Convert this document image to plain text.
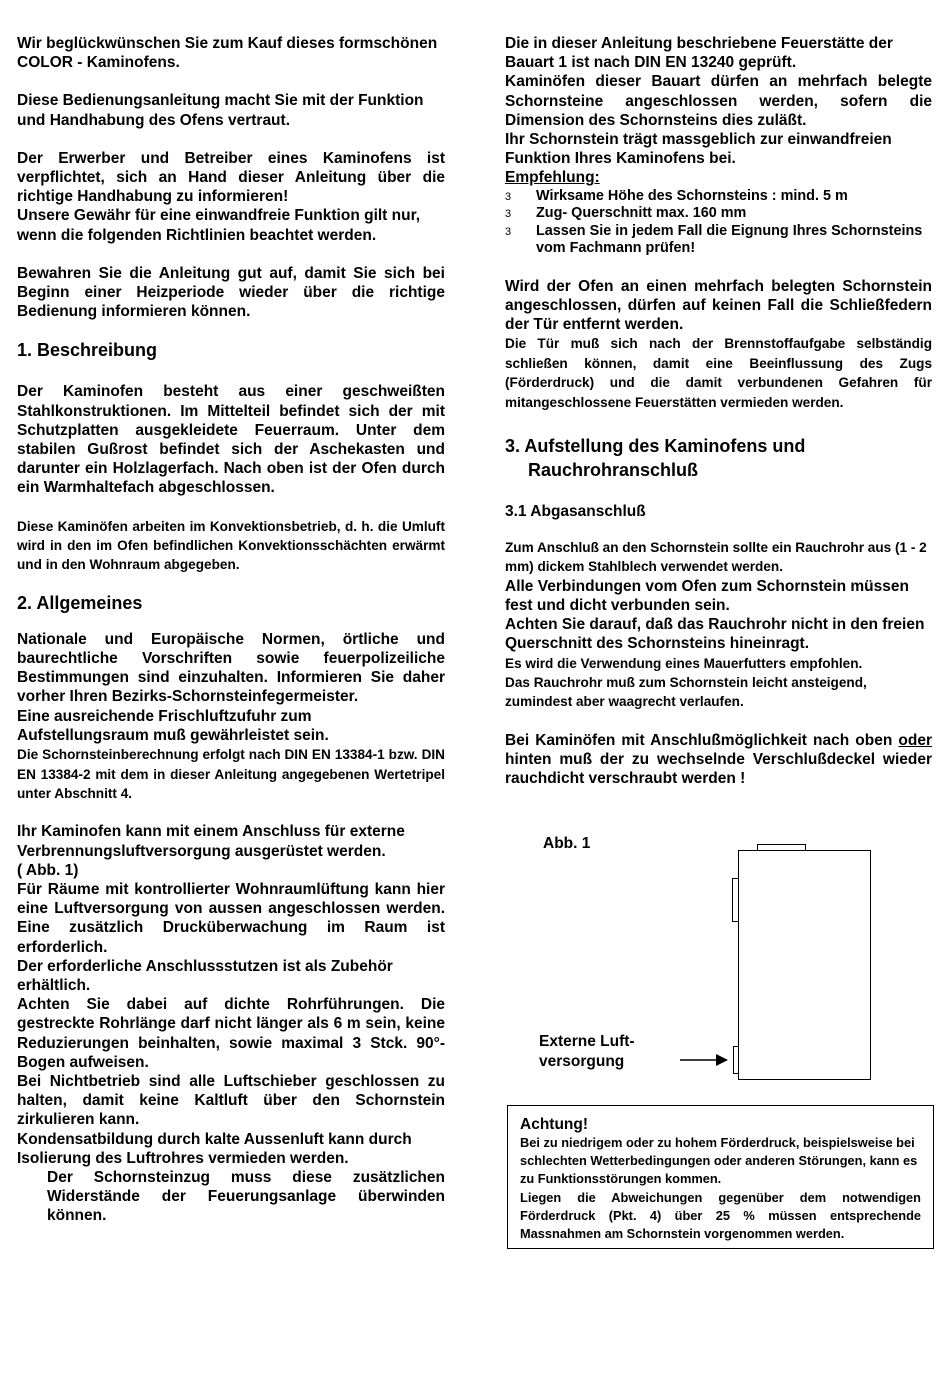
Wir beglückwünschen Sie zum Kauf dieses formschönen COLOR - Kaminofens.

Diese Bedienungsanleitung macht Sie mit der Funktion und Handhabung des Ofens vertraut.

Der Erwerber und Betreiber eines Kaminofens ist verpflichtet, sich an Hand dieser Anleitung über die richtige Handhabung zu informieren!

Unsere Gewähr für eine einwandfreie Funktion gilt nur, wenn die folgenden Richtlinien beachtet werden.

Bewahren Sie die Anleitung gut auf, damit Sie sich bei Beginn einer Heizperiode wieder über die richtige Bedienung informieren können.

1. Beschreibung

Der Kaminofen besteht aus einer geschweißten Stahlkonstruktionen. Im Mittelteil befindet sich der mit Schutzplatten ausgekleidete Feuerraum. Unter dem stabilen Gußrost befindet sich der Aschekasten und darunter ein Holzlagerfach. Nach oben ist der Ofen durch ein Warmhaltefach abgeschlossen.

Diese Kaminöfen arbeiten im Konvektionsbetrieb, d. h. die Umluft wird in den im Ofen befindlichen Konvektionsschächten erwärmt und in den Wohnraum abgegeben.

2. Allgemeines

Nationale und Europäische Normen, örtliche und baurechtliche Vorschriften sowie feuerpolizeiliche Bestimmungen sind einzuhalten. Informieren Sie daher vorher Ihren Bezirks-Schornsteinfegermeister.

Eine ausreichende Frischluftzufuhr zum Aufstellungsraum muß gewährleistet sein.

Die Schornsteinberechnung erfolgt nach DIN EN 13384-1 bzw. DIN EN 13384-2 mit dem in dieser Anleitung angegebenen Wertetripel unter Abschnitt 4.

Ihr Kaminofen kann mit einem Anschluss für externe Verbrennungsluftversorgung ausgerüstet werden.

( Abb. 1)

Für Räume mit kontrollierter Wohnraumlüftung kann hier eine Luftversorgung von aussen angeschlossen werden. Eine zusätzlich Drucküberwachung im Raum ist erforderlich.

Der erforderliche Anschlussstutzen ist als Zubehör erhältlich.

Achten Sie dabei auf dichte Rohrführungen. Die gestreckte Rohrlänge darf nicht länger als 6 m sein, keine Reduzierungen beinhalten, sowie maximal 3 Stck. 90°-Bogen aufweisen.

Bei Nichtbetrieb sind alle Luftschieber geschlossen zu halten, damit keine Kaltluft über den Schornstein zirkulieren kann.

Kondensatbildung durch kalte Aussenluft kann durch Isolierung des Luftrohres vermieden werden.

Der Schornsteinzug muss diese zusätzlichen Widerstände der Feuerungsanlage überwinden können.

Die in dieser Anleitung beschriebene Feuerstätte der Bauart 1 ist nach DIN EN 13240 geprüft.

Kaminöfen dieser Bauart dürfen an mehrfach belegte Schornsteine angeschlossen werden, sofern die Dimension des Schornsteins dies zuläßt.

Ihr Schornstein trägt massgeblich zur einwandfreien Funktion Ihres Kaminofens bei.

Empfehlung:

3 Wirksame Höhe des Schornsteins : mind. 5 m
3 Zug- Querschnitt max. 160 mm
3 Lassen Sie in jedem Fall die Eignung Ihres Schornsteins vom Fachmann prüfen!

Wird der Ofen an einen mehrfach belegten Schornstein angeschlossen, dürfen auf keinen Fall die Schließfedern der Tür entfernt werden.

Die Tür muß sich nach der Brennstoffaufgabe selbständig schließen können, damit eine Beeinflussung des Zugs (Förderdruck) und die damit verbundenen Gefahren für mitangeschlossene Feuerstätten vermieden werden.

3. Aufstellung des Kaminofens und
Rauchrohranschluß

3.1 Abgasanschluß

Zum Anschluß an den Schornstein sollte ein Rauchrohr aus (1 - 2 mm) dickem Stahlblech verwendet werden.

Alle Verbindungen vom Ofen zum Schornstein müssen fest und dicht verbunden sein.

Achten Sie darauf, daß das Rauchrohr nicht in den freien Querschnitt des Schornsteins hineinragt.

Es wird die Verwendung eines Mauerfutters empfohlen.

Das Rauchrohr muß zum Schornstein leicht ansteigend, zumindest aber waagrecht verlaufen.

Bei Kaminöfen mit Anschlußmöglichkeit nach oben oder hinten muß der zu wechselnde Verschlußdeckel wieder rauchdicht verschraubt werden !

Abb. 1
Externe Luft-
versorgung
Achtung!

Bei zu niedrigem oder zu hohem Förderdruck, beispielsweise bei schlechten Wetterbedingungen oder anderen Störungen, kann es zu Funktionsstörungen kommen.

Liegen die Abweichungen gegenüber dem notwendigen Förderdruck (Pkt. 4) über 25 % müssen entsprechende Massnahmen am Schornstein vorgenommen werden.
